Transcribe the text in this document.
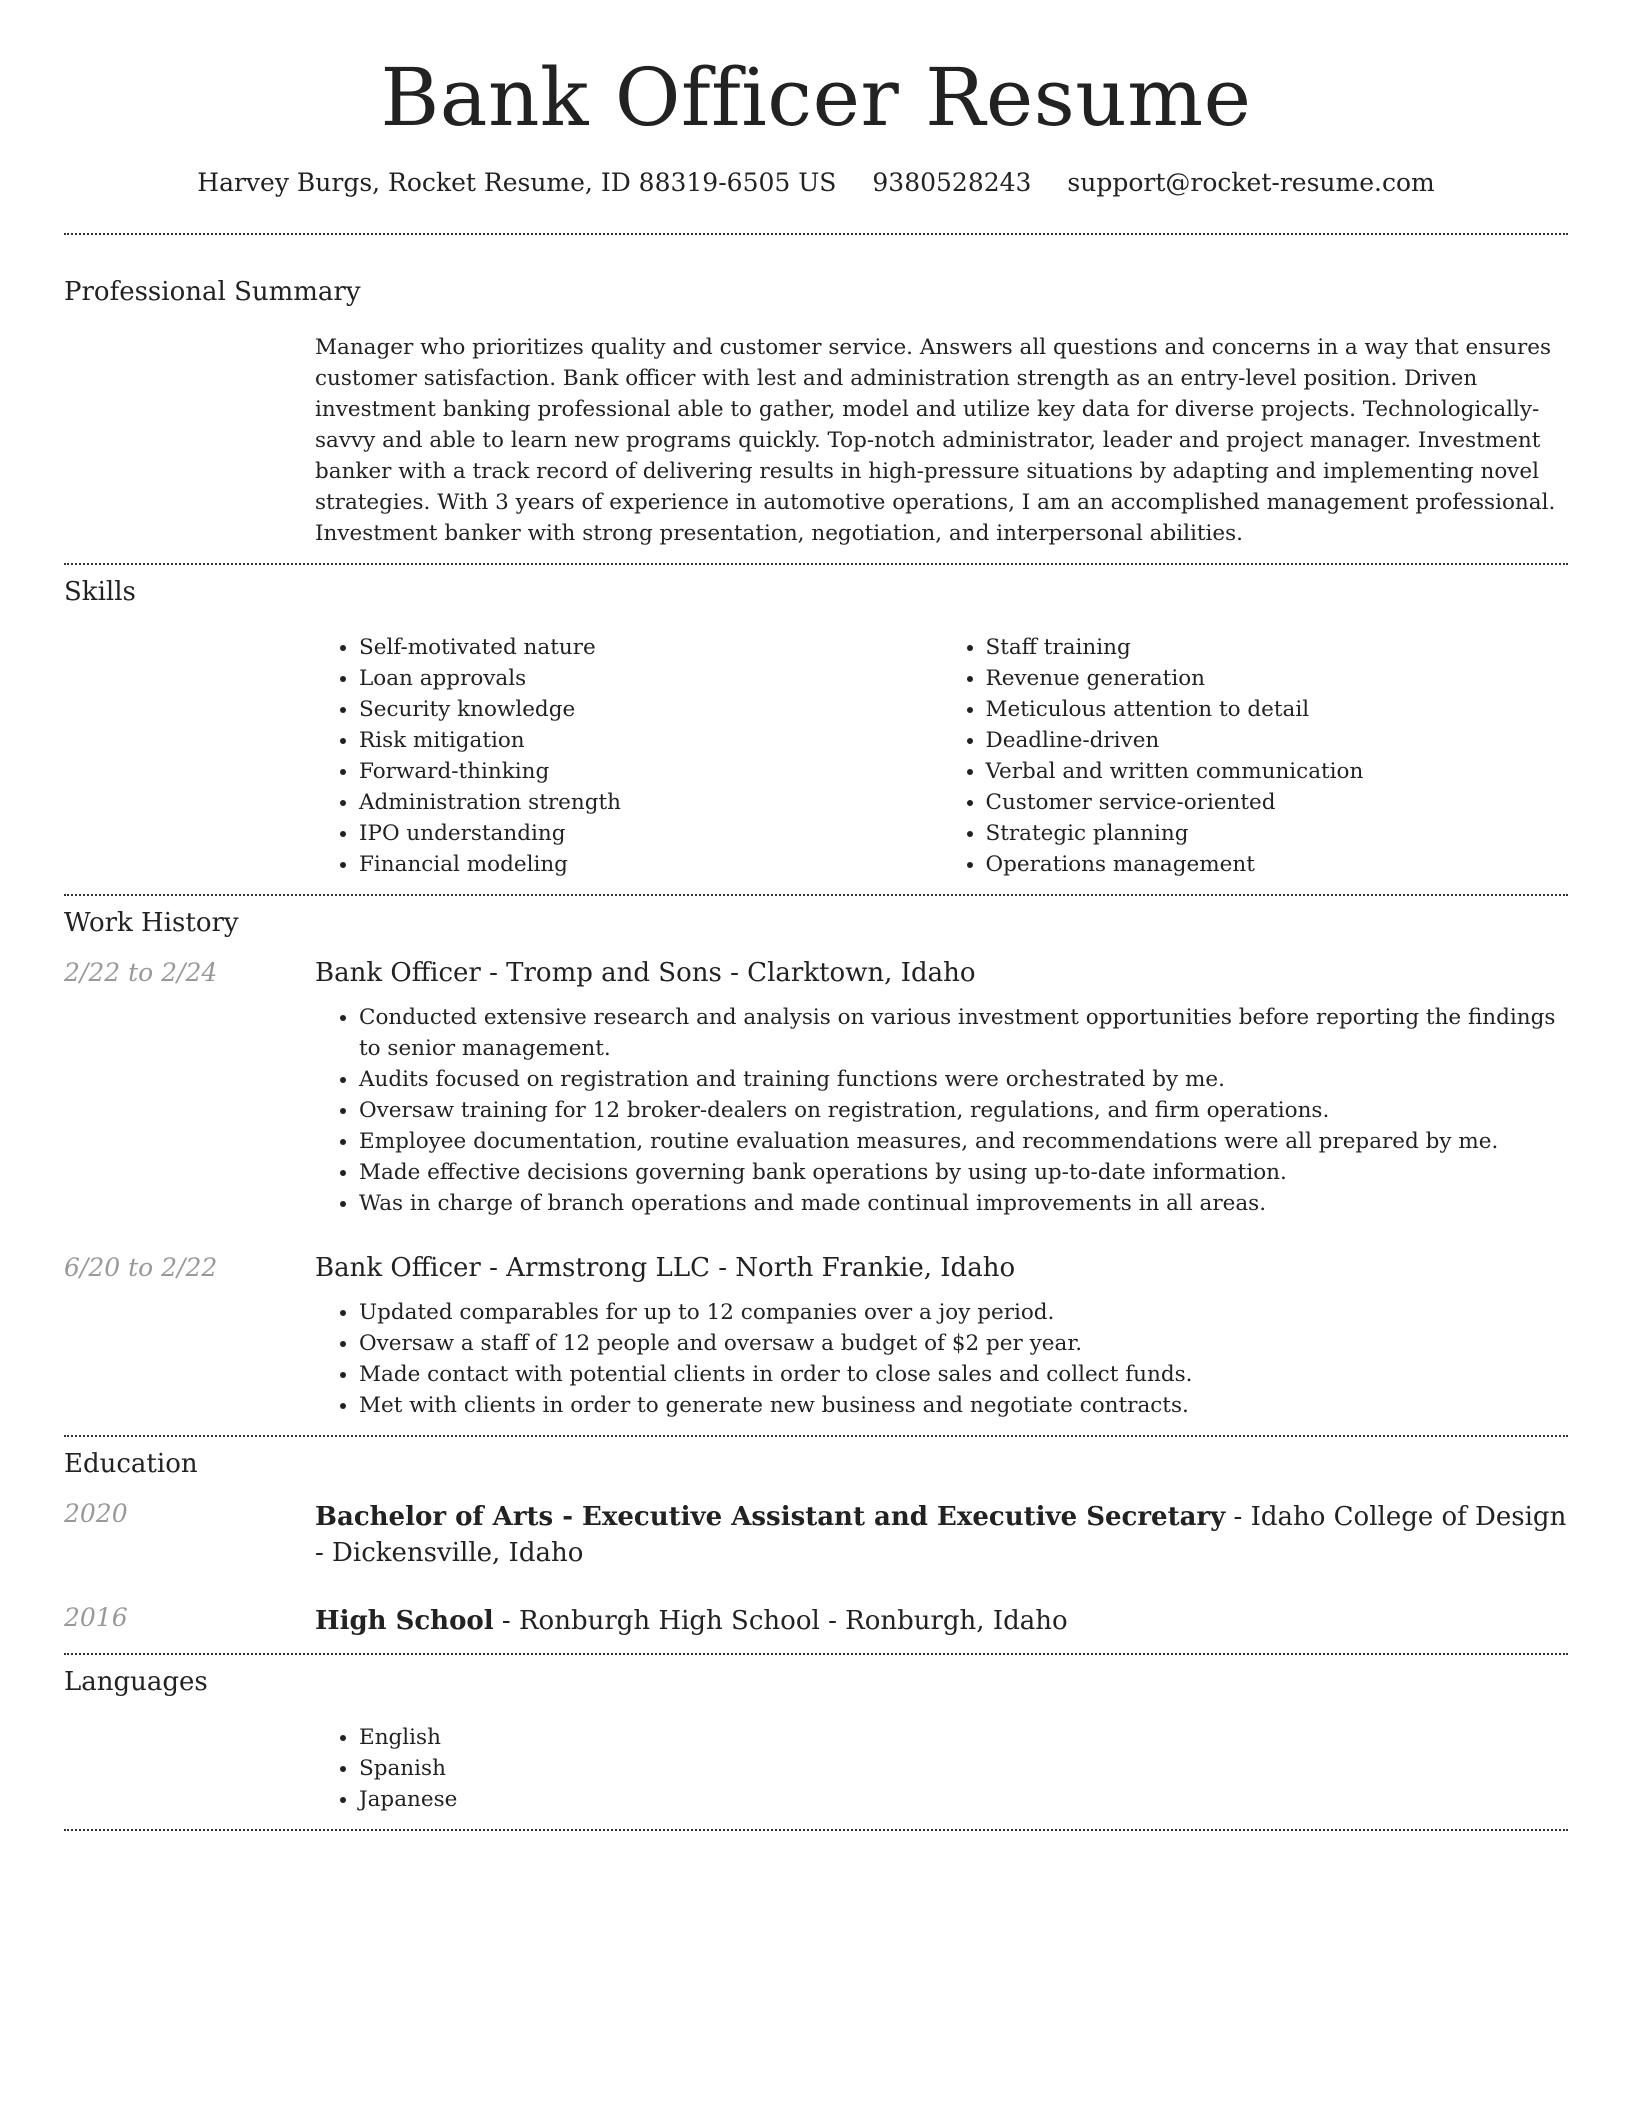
Bank Officer Resume
Harvey Burgs, Rocket Resume, ID 88319-6505 US 9380528243 support@rocket-resume.com
Professional Summary

Manager who prioritizes quality and customer service. Answers all questions and concerns in a way that ensures customer satisfaction. Bank officer with lest and administration strength as an entry-level position. Driven investment banking professional able to gather, model and utilize key data for diverse projects. Technologically-savvy and able to learn new programs quickly. Top-notch administrator, leader and project manager. Investment banker with a track record of delivering results in high-pressure situations by adapting and implementing novel strategies. With 3 years of experience in automotive operations, I am an accomplished management professional. Investment banker with strong presentation, negotiation, and interpersonal abilities.

Skills
• Self-motivated nature
• Loan approvals
• Security knowledge
• Risk mitigation
• Forward-thinking
• Administration strength
• IPO understanding
• Financial modeling
• Staff training
• Revenue generation
• Meticulous attention to detail
• Deadline-driven
• Verbal and written communication
• Customer service-oriented
• Strategic planning
• Operations management
Work History
2/22 to 2/24	Bank Officer - Tromp and Sons - Clarktown, Idaho
• Conducted extensive research and analysis on various investment opportunities before reporting the findings to senior management.
• Audits focused on registration and training functions were orchestrated by me.
• Oversaw training for 12 broker-dealers on registration, regulations, and firm operations.
• Employee documentation, routine evaluation measures, and recommendations were all prepared by me.
• Made effective decisions governing bank operations by using up-to-date information.
• Was in charge of branch operations and made continual improvements in all areas.
6/20 to 2/22	Bank Officer - Armstrong LLC - North Frankie, Idaho
• Updated comparables for up to 12 companies over a joy period.
• Oversaw a staff of 12 people and oversaw a budget of $2 per year.
• Made contact with potential clients in order to close sales and collect funds.
• Met with clients in order to generate new business and negotiate contracts.
Education
2020	Bachelor of Arts - Executive Assistant and Executive Secretary - Idaho College of Design - Dickensville, Idaho
2016	High School - Ronburgh High School - Ronburgh, Idaho
Languages
• English
• Spanish
• Japanese
